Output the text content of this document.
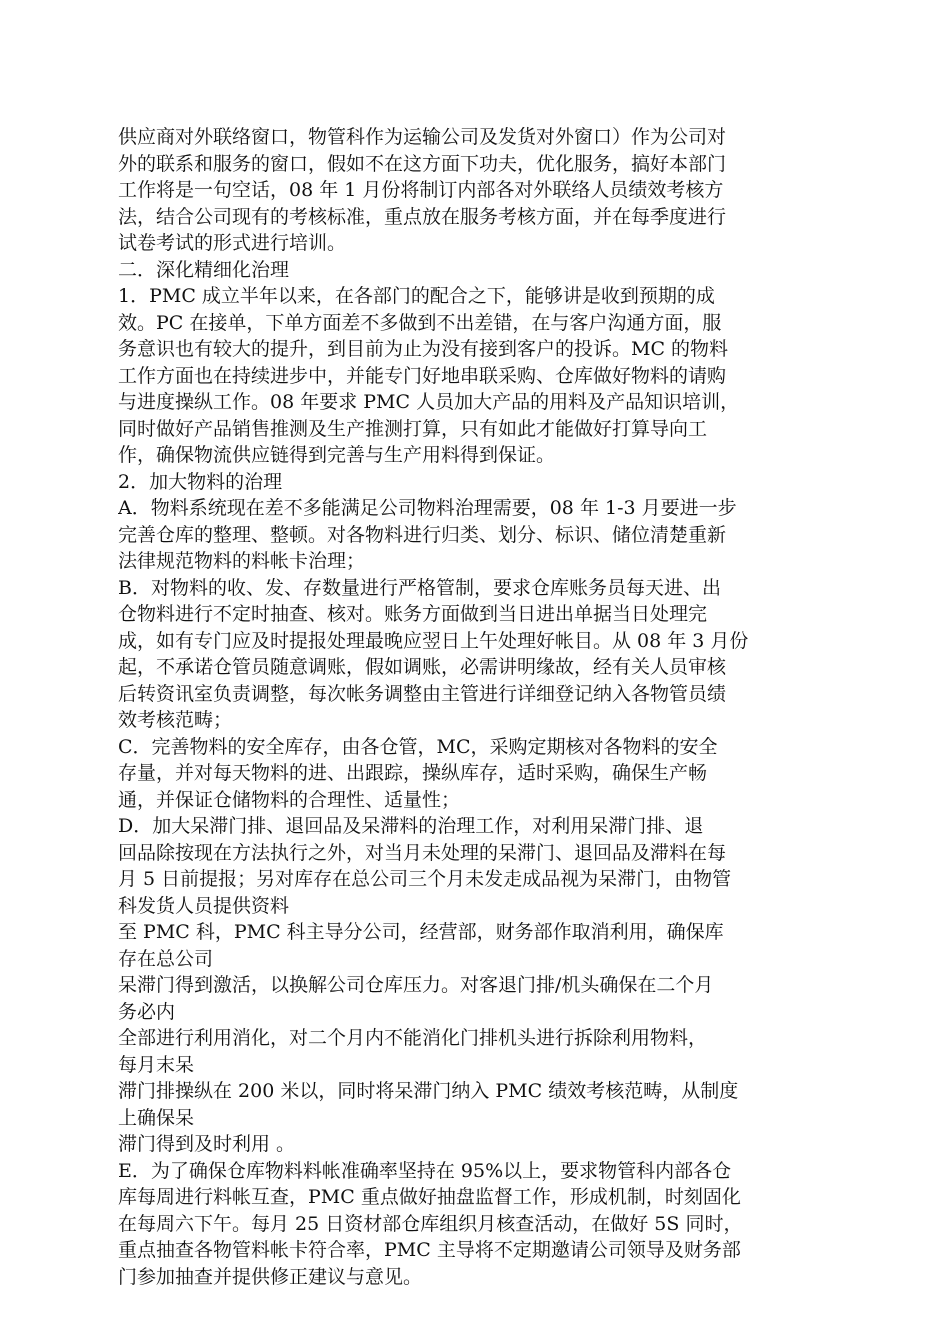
供应商对外联络窗口，物管科作为运输公司及发货对外窗口）作为公司对
外的联系和服务的窗口，假如不在这方面下功夫，优化服务，搞好本部门
工作将是一句空话，08 年 1 月份将制订内部各对外联络人员绩效考核方
法，结合公司现有的考核标准，重点放在服务考核方面，并在每季度进行
试卷考试的形式进行培训。
二．深化精细化治理
1．PMC 成立半年以来，在各部门的配合之下，能够讲是收到预期的成
效。PC 在接单，下单方面差不多做到不出差错，在与客户沟通方面，服
务意识也有较大的提升，到目前为止为没有接到客户的投诉。MC 的物料
工作方面也在持续进步中，并能专门好地串联采购、仓库做好物料的请购
与进度操纵工作。08 年要求 PMC 人员加大产品的用料及产品知识培训，
同时做好产品销售推测及生产推测打算，只有如此才能做好打算导向工
作，确保物流供应链得到完善与生产用料得到保证。
2．加大物料的治理
A．物料系统现在差不多能满足公司物料治理需要，08 年 1-3 月要进一步
完善仓库的整理、整顿。对各物料进行归类、划分、标识、储位清楚重新
法律规范物料的料帐卡治理；
B．对物料的收、发、存数量进行严格管制，要求仓库账务员每天进、出
仓物料进行不定时抽查、核对。账务方面做到当日进出单据当日处理完
成，如有专门应及时提报处理最晚应翌日上午处理好帐目。从 08 年 3 月份
起，不承诺仓管员随意调账，假如调账，必需讲明缘故，经有关人员审核
后转资讯室负责调整，每次帐务调整由主管进行详细登记纳入各物管员绩
效考核范畴；
C．完善物料的安全库存，由各仓管，MC，采购定期核对各物料的安全
存量，并对每天物料的进、出跟踪，操纵库存，适时采购，确保生产畅
通，并保证仓储物料的合理性、适量性；
D．加大呆滞门排、退回品及呆滞料的治理工作，对利用呆滞门排、退
回品除按现在方法执行之外，对当月未处理的呆滞门、退回品及滞料在每
月 5 日前提报；另对库存在总公司三个月未发走成品视为呆滞门，由物管
科发货人员提供资料
至 PMC 科，PMC 科主导分公司，经营部，财务部作取消利用，确保库
存在总公司
呆滞门得到激活，以换解公司仓库压力。对客退门排/机头确保在二个月
务必内
全部进行利用消化，对二个月内不能消化门排机头进行拆除利用物料，
每月末呆
滞门排操纵在 200 米以，同时将呆滞门纳入 PMC 绩效考核范畴，从制度
上确保呆
滞门得到及时利用 。
E．为了确保仓库物料料帐准确率坚持在 95%以上，要求物管科内部各仓
库每周进行料帐互查，PMC 重点做好抽盘监督工作，形成机制，时刻固化
在每周六下午。每月 25 日资材部仓库组织月核查活动，在做好 5S 同时，
重点抽查各物管料帐卡符合率，PMC 主导将不定期邀请公司领导及财务部
门参加抽查并提供修正建议与意见。
